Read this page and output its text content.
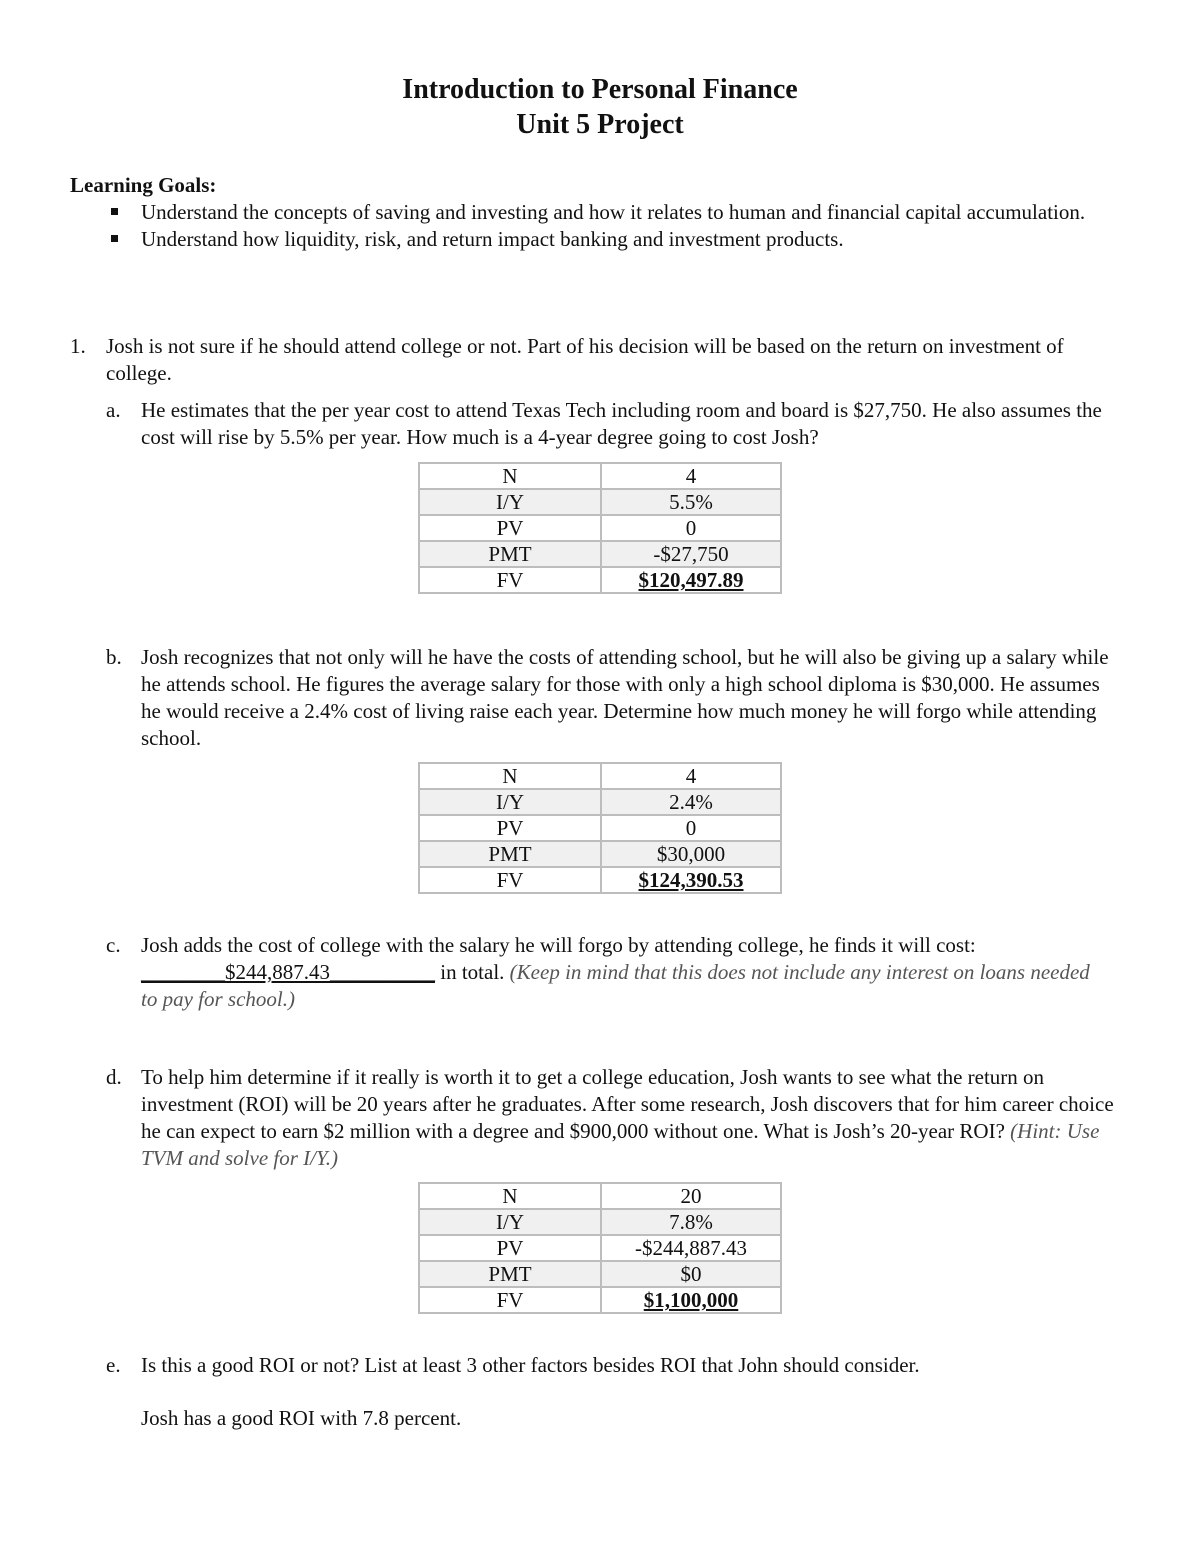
Introduction to Personal Finance
Unit 5 Project
Learning Goals:
Understand the concepts of saving and investing and how it relates to human and financial capital accumulation.
Understand how liquidity, risk, and return impact banking and investment products.
1. Josh is not sure if he should attend college or not. Part of his decision will be based on the return on investment of college.
a. He estimates that the per year cost to attend Texas Tech including room and board is $27,750. He also assumes the cost will rise by 5.5% per year. How much is a 4-year degree going to cost Josh?
N	4
I/Y	5.5%
PV	0
PMT	-$27,750
FV	$120,497.89
b. Josh recognizes that not only will he have the costs of attending school, but he will also be giving up a salary while he attends school. He figures the average salary for those with only a high school diploma is $30,000. He assumes he would receive a 2.4% cost of living raise each year. Determine how much money he will forgo while attending school.
N	4
I/Y	2.4%
PV	0
PMT	$30,000
FV	$124,390.53
c. Josh adds the cost of college with the salary he will forgo by attending college, he finds it will cost:
________$244,887.43__________ in total. (Keep in mind that this does not include any interest on loans needed to pay for school.)
d. To help him determine if it really is worth it to get a college education, Josh wants to see what the return on investment (ROI) will be 20 years after he graduates. After some research, Josh discovers that for him career choice he can expect to earn $2 million with a degree and $900,000 without one. What is Josh’s 20-year ROI? (Hint: Use TVM and solve for I/Y.)
N	20
I/Y	7.8%
PV	-$244,887.43
PMT	$0
FV	$1,100,000
e. Is this a good ROI or not? List at least 3 other factors besides ROI that John should consider.
Josh has a good ROI with 7.8 percent.
